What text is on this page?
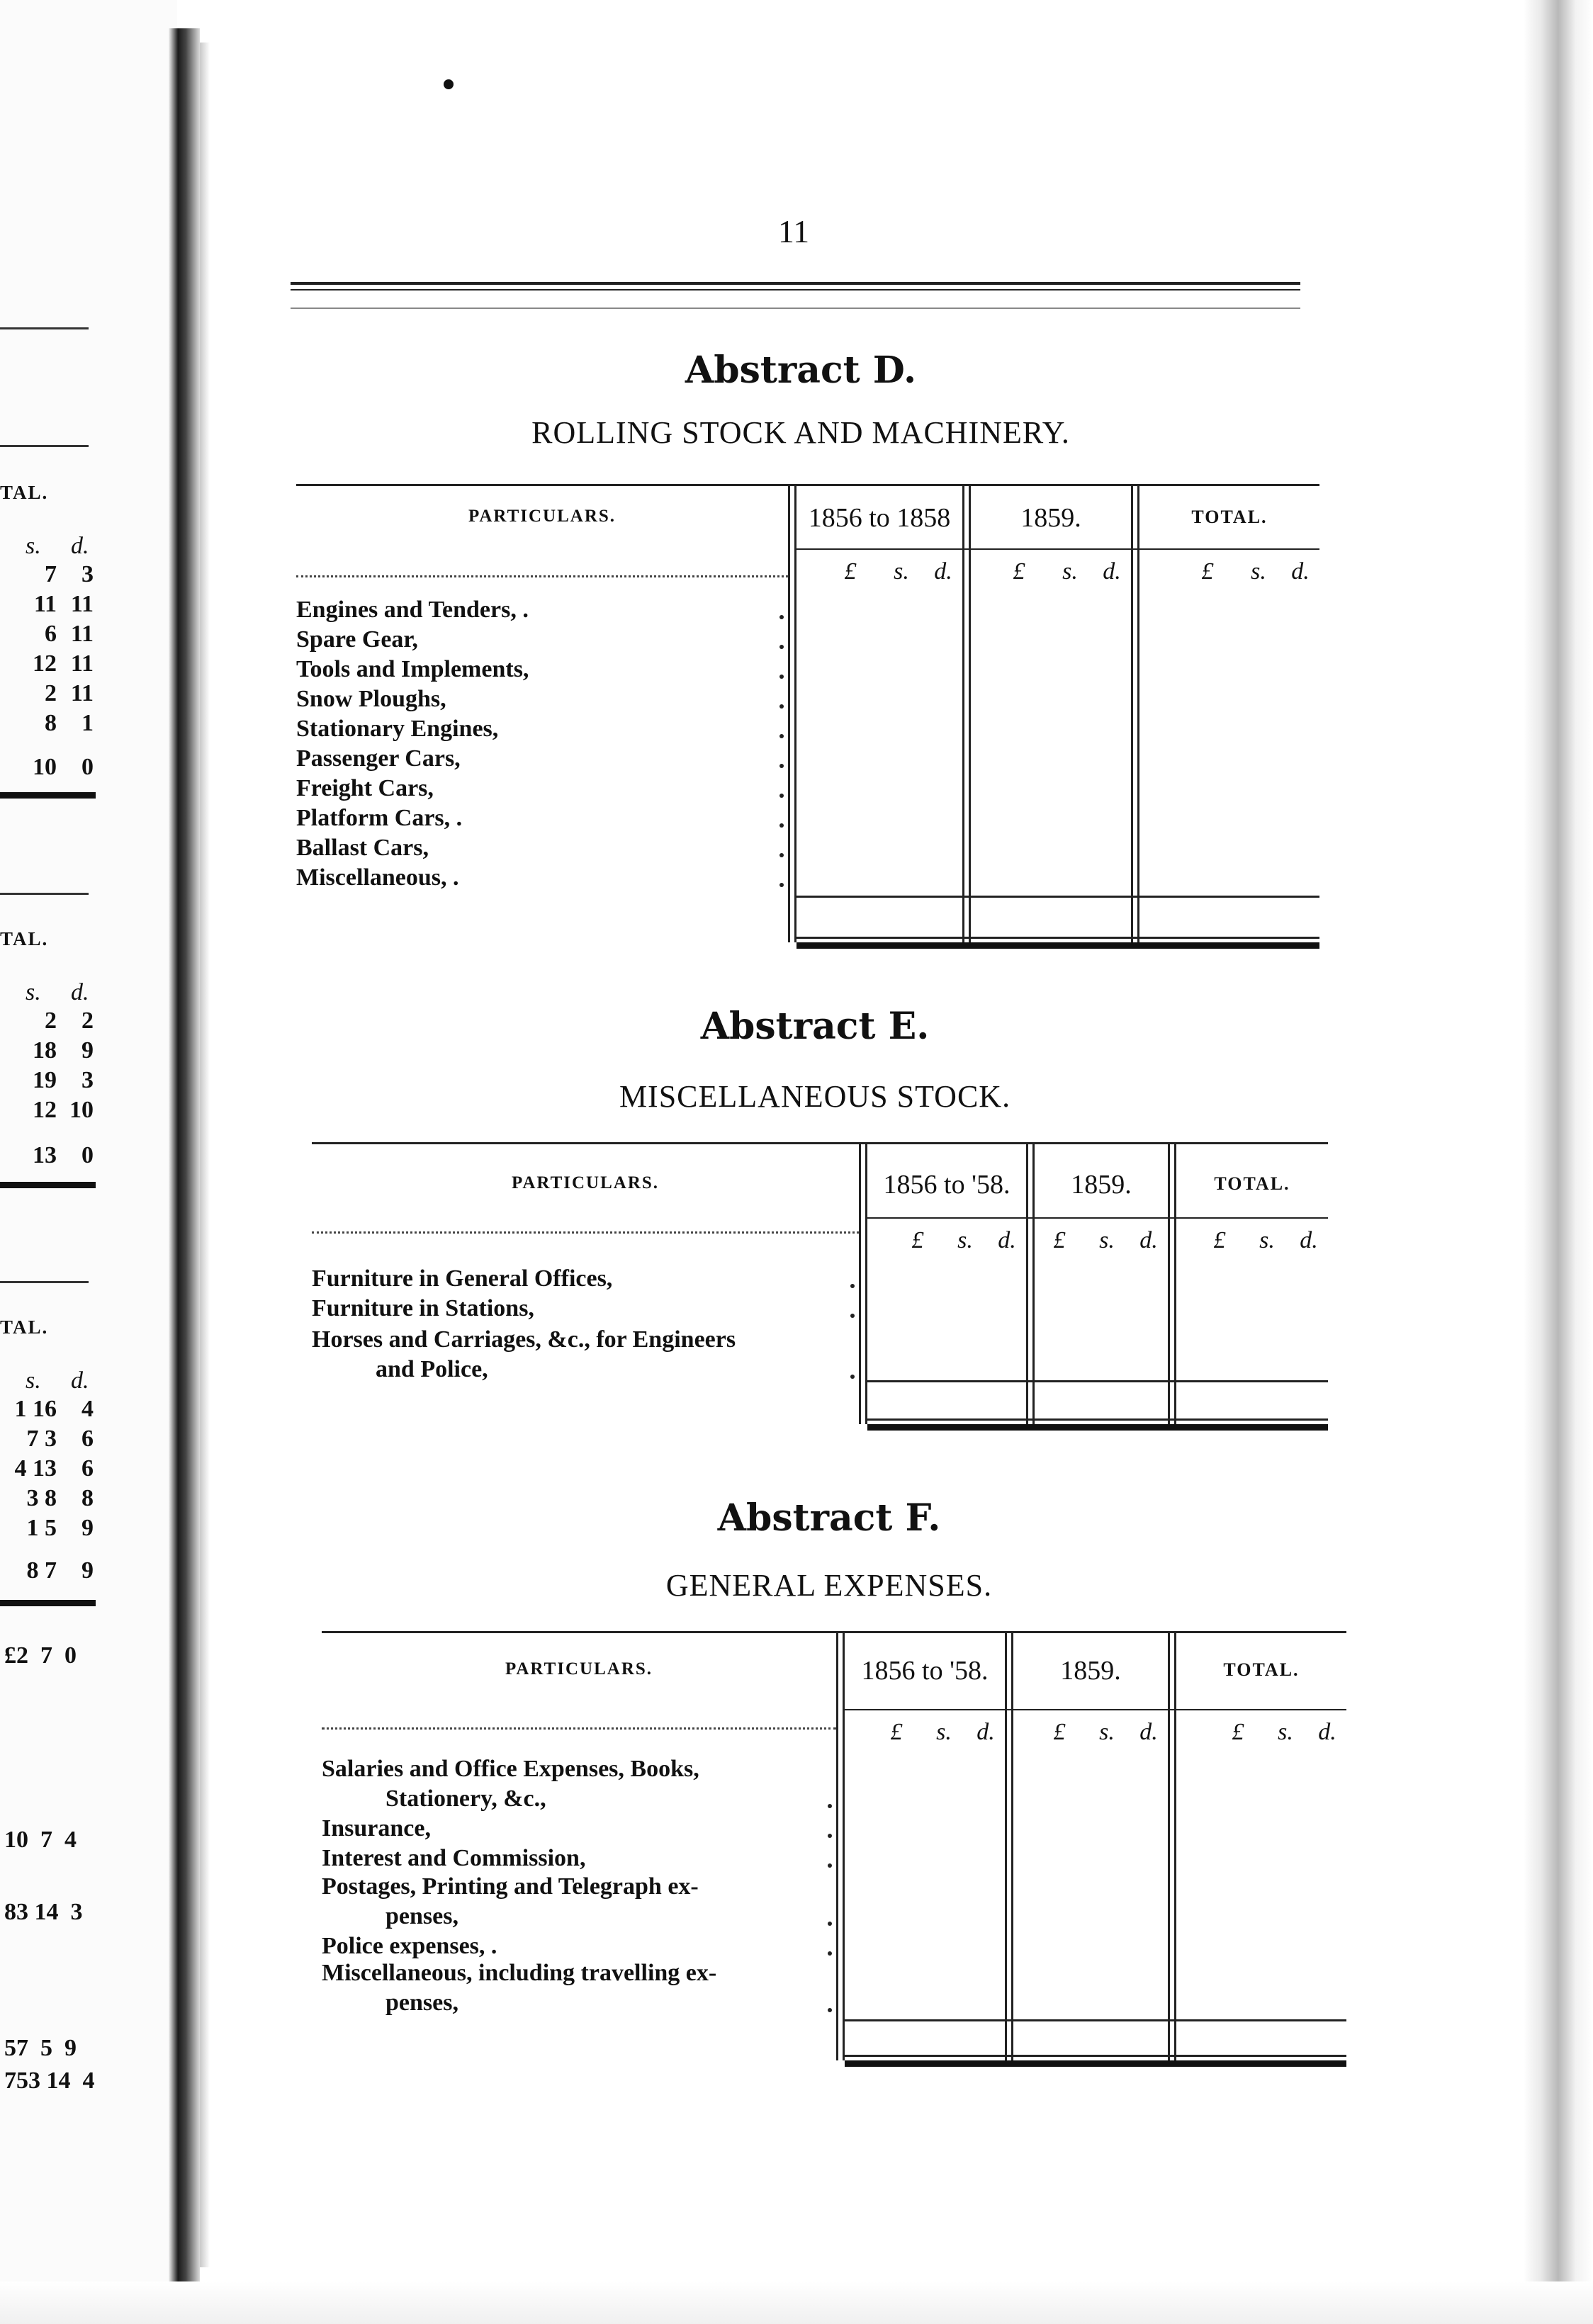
TAL.
s. d.
7 3
11 11
6 11
12 11
2 11
8 1
10 0
TAL.
s. d.
2 2
18 9
19 3
12 10
13 0
TAL.
s. d.
1 16 4
7 3 6
4 13 6
3 8 8
1 5 9
8 7 9
£2  7  0
10  7  4
83 14  3
57  5  9
753 14  4
11
Abstract D.
ROLLING STOCK AND MACHINERY.
PARTICULARS.	1856 to 1858	1859.	TOTAL.
£	s.	d.	£	s.	d.	£	s.	d.
Engines and Tenders, .
Spare Gear,
Tools and Implements,
Snow Ploughs,
Stationary Engines,
Passenger Cars,
Freight Cars,
Platform Cars, .
Ballast Cars,
Miscellaneous, .
Abstract E.
MISCELLANEOUS STOCK.
PARTICULARS.	1856 to '58.	1859.	TOTAL.
£	s.	d.	£	s.	d.	£	s.	d.
Furniture in General Offices,
Furniture in Stations,
Horses and Carriages, &c., for Engineers
and Police,
Abstract F.
GENERAL EXPENSES.
PARTICULARS.	1856 to '58.	1859.	TOTAL.
£	s.	d.	£	s.	d.	£	s.	d.
Salaries and Office Expenses, Books,
Stationery, &c.,
Insurance,
Interest and Commission,
Postages, Printing and Telegraph ex-
penses,
Police expenses, .
Miscellaneous, including travelling ex-
penses,
